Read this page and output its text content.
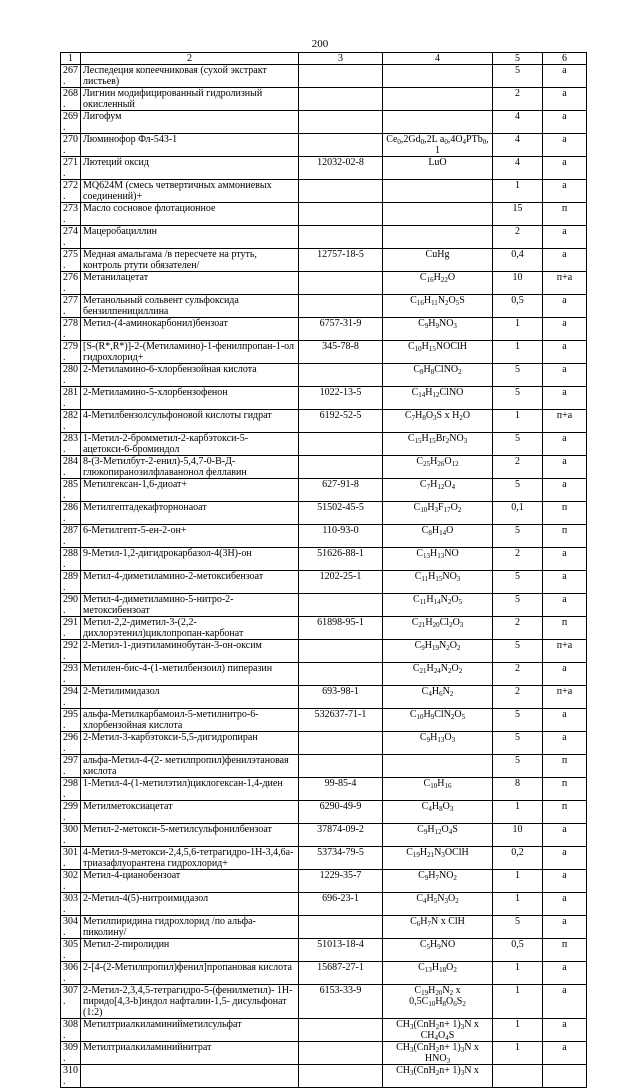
200
1	2	3	4	5	6
267.	Леспедеция копеечниковая (сухой экстракт листьев)			5	а
268.	Лигнин модифицированный гидролизный окисленный			2	а
269.	Лигофум			4	а
270.	Люминофор Фл-543-1		$Ce_0,2Gd_0,2L$ $a_0,4O_4PTb_0$, 1	4	а
271.	Лютеций оксид	12032-02-8	LuO	4	а
272.	MQ624M (смесь четвертичных аммониевых соединений)+			1	а
273.	Масло сосновое флотационное			15	п
274.	Мацеробациллин			2	а
275.	Медная амальгама /в пересчете на ртуть, контроль ртути обязателен/	12757-18-5	CuHg	0,4	а
276.	Метанилацетат		$C_{16}H_{22}O$	10	п+а
277.	Метанольный сольвент сульфоксида бензилпенициллина		$C_{16}H_{11}N_2O_5S$	0,5	а
278.	Метил-(4-аминокарбонил)бензоат	6757-31-9	$C_9H_9NO_3$	1	а
279.	[S-(R*,R*)]-2-(Метиламино)-1-фенилпропан-1-ол гидрохлорид+	345-78-8	$C_{10}H_{15}NOClH$	1	а
280.	2-Метиламино-6-хлорбензойная кислота		$C_8H_8ClNO_2$	5	а
281.	2-Метиламино-5-хлорбензофенон	1022-13-5	$C_{14}H_{12}ClNO$	5	а
282.	4-Метилбензолсульфоновой кислоты гидрат	6192-52-5	$C_7H_8O_3S$ x $H_2O$	1	п+а
283.	1-Метил-2-бромметил-2-карбэтокси-5- ацетокси-6-броминдол		$C_{15}H_{15}Br_2NO_3$	5	а
284.	8-(3-Метилбут-2-енил)-5,4,7-0-В-Д-глюкопиранозилфлаванонол феллавин		$C_{25}H_{26}O_{12}$	2	а
285.	Метилгексан-1,6-диоат+	627-91-8	$C_7H_{12}O_4$	5	а
286.	Метилгептадекафторнонаоат	51502-45-5	$C_{10}H_3F_{17}O_2$	0,1	п
287.	6-Метилгепт-5-ен-2-он+	110-93-0	$C_8H_{14}O$	5	п
288.	9-Метил-1,2-дигидрокарбазол-4(3Н)-он	51626-88-1	$C_{13}H_{13}NO$	2	а
289.	Метил-4-диметиламино-2-метоксибензоат	1202-25-1	$C_{11}H_{15}NO_3$	5	а
290.	Метил-4-диметиламино-5-нитро-2-метоксибензоат		$C_{11}H_{14}N_2O_5$	5	а
291.	Метил-2,2-диметил-3-(2,2-дихлорэтенил)циклопропан-карбонат	61898-95-1	$C_{21}H_{20}Cl_2O_3$	2	п
292.	2-Метил-1-диэтиламинобутан-3-он-оксим		$C_9H_{19}N_2O_2$	5	п+а
293.	Метилен-бис-4-(1-метилбензоил) пиперазин		$C_{21}H_{24}N_2O_2$	2	а
294.	2-Метилимидазол	693-98-1	$C_4H_6N_2$	2	п+а
295.	альфа-Метилкарбамоил-5-метилнитро-6-хлорбензойная кислота	532637-71-1	$C_{10}H_9ClN_2O_5$	5	а
296.	2-Метил-3-карбэтокси-5,5-дигидропиран		$C_9H_{13}O_3$	5	а
297.	альфа-Метил-4-(2- метилпропил)фенилэтановая кислота			5	п
298.	1-Метил-4-(1-метилэтил)циклогексан-1,4-диен	99-85-4	$C_{10}H_{16}$	8	п
299.	Метилметоксиацетат	6290-49-9	$C_4H_8O_3$	1	п
300.	Метил-2-метокси-5-метилсульфонилбензоат	37874-09-2	$C_9H_{12}O_4S$	10	а
301.	4-Метил-9-метокси-2,4,5,6-тетрагидро-1Н-3,4,6а-триазафлуорантена гидрохлорид+	53734-79-5	$C_{19}H_{21}N_3OClH$	0,2	а
302.	Метил-4-цианобензоат	1229-35-7	$C_9H_7NO_2$	1	а
303.	2-Метил-4(5)-нитроимидазол	696-23-1	$C_4H_5N_3O_2$	1	а
304.	Метилпиридина гидрохлорид /по альфа-пиколину/		$C_6H_7N$ x ClH	5	а
305.	Метил-2-пиролидин	51013-18-4	$C_5H_9NO$	0,5	п
306.	2-[4-(2-Метилпропил)фенил]пропановая кислота	15687-27-1	$C_{13}H_{18}O_2$	1	а
307.	2-Метил-2,3,4,5-тетрагидро-5-(фенилметил)- 1Н-пиридо[4,3-b]индол нафталин-1,5- дисульфонат (1:2)	6153-33-9	$C_{19}H_{20}N_2$ x $0,5C_{10}H_8O_6S_2$	1	а
308.	Метилтриалкиламинийметилсульфат		$CH_3(CnH_2n+ 1)_3N$ x $CH_4O_4S$	1	а
309.	Метилтриалкиламинийнитрат		$CH_3(CnH_2n+ 1)_3N$ x $HNO_3$	1	а
310.			$CH_3(CnH_2n+ 1)_3N$ x		
